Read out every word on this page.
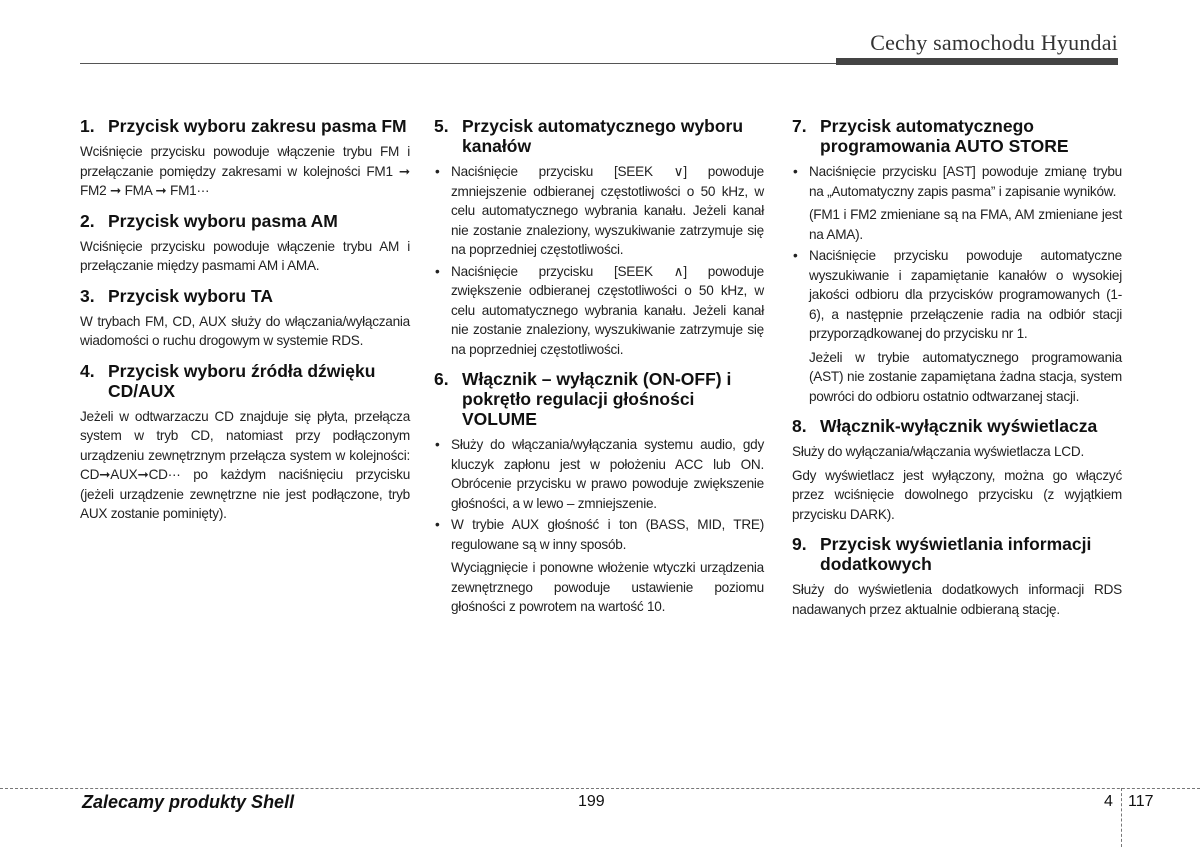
Cechy samochodu Hyundai
1. Przycisk wyboru zakresu pasma FM

Wciśnięcie przycisku powoduje włączenie trybu FM i przełączanie pomiędzy zakresami w kolejności FM1 ➞ FM2 ➞ FMA ➞ FM1···

2. Przycisk wyboru pasma AM

Wciśnięcie przycisku powoduje włączenie trybu AM i przełączanie między pasmami AM i AMA.

3. Przycisk wyboru TA

W trybach FM, CD, AUX służy do włączania/wyłączania wiadomości o ruchu drogowym w systemie RDS.

4. Przycisk wyboru źródła dźwięku CD/AUX

Jeżeli w odtwarzaczu CD znajduje się płyta, przełącza system w tryb CD, natomiast przy podłączonym urządzeniu zewnętrznym przełącza system w kolejności: CD➞AUX➞CD··· po każdym naciśnięciu przycisku (jeżeli urządzenie zewnętrzne nie jest podłączone, tryb AUX zostanie pominięty).

5. Przycisk automatycznego wyboru kanałów
• Naciśnięcie przycisku [SEEK ∨] powoduje zmniejszenie odbieranej częstotliwości o 50 kHz, w celu automatycznego wybrania kanału. Jeżeli kanał nie zostanie znaleziony, wyszukiwanie zatrzymuje się na poprzedniej częstotliwości.
• Naciśnięcie przycisku [SEEK ∧] powoduje zwiększenie odbieranej częstotliwości o 50 kHz, w celu automatycznego wybrania kanału. Jeżeli kanał nie zostanie znaleziony, wyszukiwanie zatrzymuje się na poprzedniej częstotliwości.
6. Włącznik – wyłącznik (ON-OFF) i pokrętło regulacji głośności VOLUME
• Służy do włączania/wyłączania systemu audio, gdy kluczyk zapłonu jest w położeniu ACC lub ON. Obrócenie przycisku w prawo powoduje zwiększenie głośności, a w lewo – zmniejszenie.
• W trybie AUX głośność i ton (BASS, MID, TRE) regulowane są w inny sposób.

Wyciągnięcie i ponowne włożenie wtyczki urządzenia zewnętrznego powoduje ustawienie poziomu głośności z powrotem na wartość 10.

7. Przycisk automatycznego programowania AUTO STORE
• Naciśnięcie przycisku [AST] powoduje zmianę trybu na „Automatyczny zapis pasma” i zapisanie wyników.

(FM1 i FM2 zmieniane są na FMA, AM zmieniane jest na AMA).

• Naciśnięcie przycisku powoduje automatyczne wyszukiwanie i zapamiętanie kanałów o wysokiej jakości odbioru dla przycisków programowanych (1-6), a następnie przełączenie radia na odbiór stacji przyporządkowanej do przycisku nr 1.

Jeżeli w trybie automatycznego programowania (AST) nie zostanie zapamiętana żadna stacja, system powróci do odbioru ostatnio odtwarzanej stacji.

8. Włącznik-wyłącznik wyświetlacza

Służy do wyłączania/włączania wyświetlacza LCD.

Gdy wyświetlacz jest wyłączony, można go włączyć przez wciśnięcie dowolnego przycisku (z wyjątkiem przycisku DARK).

9. Przycisk wyświetlania informacji dodatkowych

Służy do wyświetlenia dodatkowych informacji RDS nadawanych przez aktualnie odbieraną stację.

Zalecamy produkty Shell	199	4 117
